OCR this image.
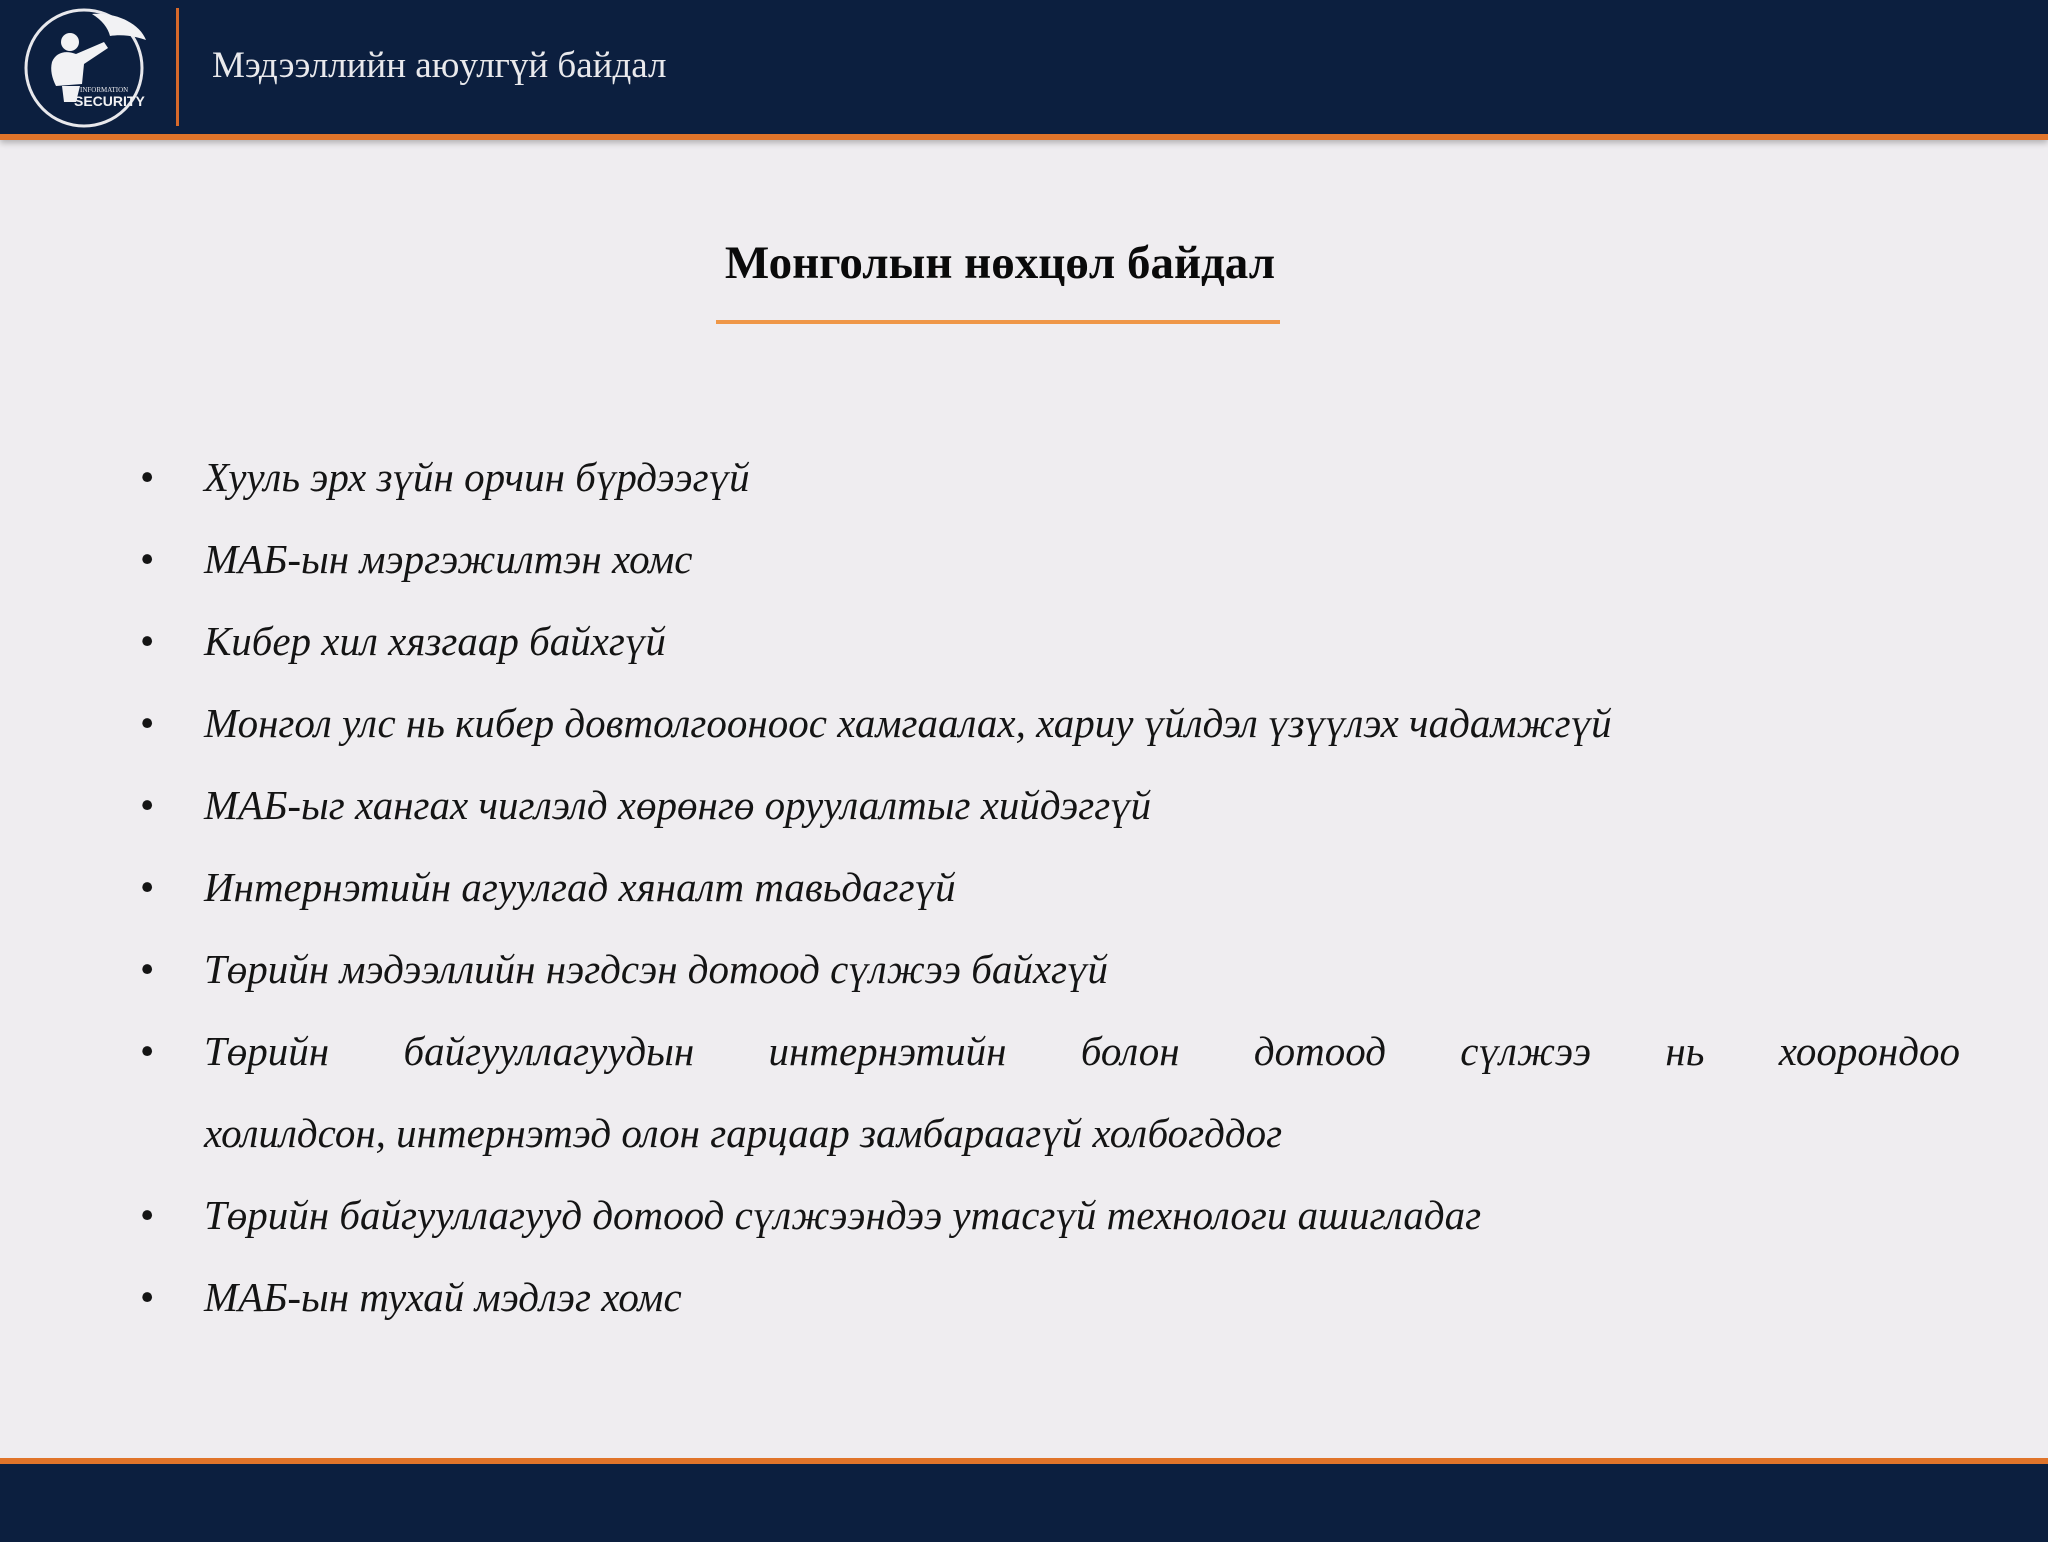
INFORMATION
SECURITY
Мэдээллийн аюулгүй байдал
Монголын нөхцөл байдал
• Хууль эрх зүйн орчин бүрдээгүй
• МАБ-ын мэргэжилтэн хомс
• Кибер хил хязгаар байхгүй
• Монгол улс нь кибер довтолгооноос хамгаалах, хариу үйлдэл үзүүлэх чадамжгүй
• МАБ-ыг хангах чиглэлд хөрөнгө оруулалтыг хийдэггүй
• Интернэтийн агуулгад хяналт тавьдаггүй
• Төрийн мэдээллийн нэгдсэн дотоод сүлжээ байхгүй
• Төрийн байгууллагуудын интернэтийн болон дотоод сүлжээ нь хоорондоо
холилдсон, интернэтэд олон гарцаар замбараагүй холбогддог
• Төрийн байгууллагууд дотоод сүлжээндээ утасгүй технологи ашигладаг
• МАБ-ын тухай мэдлэг хомс
